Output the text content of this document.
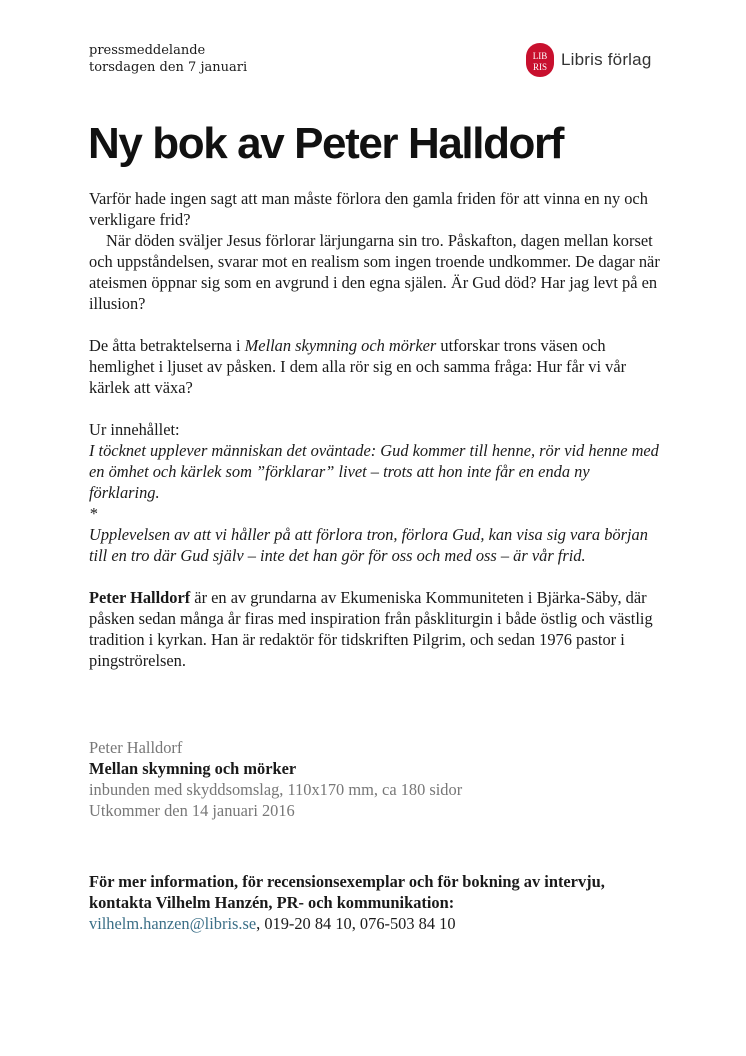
pressmeddelande
torsdagen den 7 januari
LIB
RIS Libris förlag
Ny bok av Peter Halldorf

Varför hade ingen sagt att man måste förlora den gamla friden för att vinna en ny och verkligare frid?

När döden sväljer Jesus förlorar lärjungarna sin tro. Påskafton, dagen mellan korset och uppståndelsen, svarar mot en realism som ingen troende undkommer. De dagar när ateismen öppnar sig som en avgrund i den egna själen. Är Gud död? Har jag levt på en illusion?

De åtta betraktelserna i Mellan skymning och mörker utforskar trons väsen och hemlighet i ljuset av påsken. I dem alla rör sig en och samma fråga: Hur får vi vår kärlek att växa?

Ur innehållet:

I töcknet upplever människan det oväntade: Gud kommer till henne, rör vid henne med en ömhet och kärlek som ”förklarar” livet – trots att hon inte får en enda ny förklaring.

*

Upplevelsen av att vi håller på att förlora tron, förlora Gud, kan visa sig vara början till en tro där Gud själv – inte det han gör för oss och med oss – är vår frid.

Peter Halldorf är en av grundarna av Ekumeniska Kommuniteten i Bjärka-Säby, där påsken sedan många år firas med inspiration från påskliturgin i både östlig och västlig tradition i kyrkan. Han är redaktör för tidskriften Pilgrim, och sedan 1976 pastor i pingströrelsen.

Peter Halldorf
Mellan skymning och mörker
inbunden med skyddsomslag, 110x170 mm, ca 180 sidor
Utkommer den 14 januari 2016
För mer information, för recensionsexemplar och för bokning av intervju, kontakta Vilhelm Hanzén, PR- och kommunikation:
vilhelm.hanzen@libris.se, 019-20 84 10, 076-503 84 10
